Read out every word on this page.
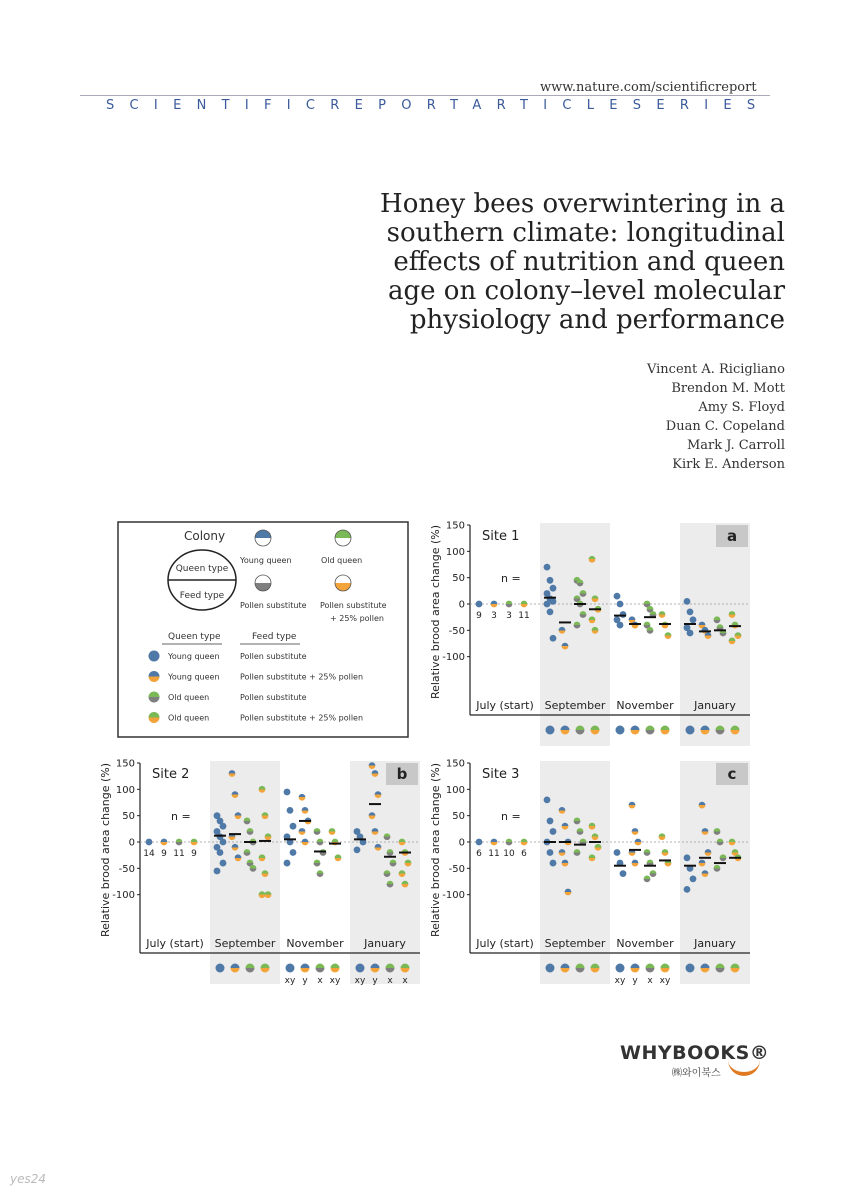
www.nature.com/scientificreport
SCIENTIFICREPORTARTICLESERIES
Honey bees overwintering in a
southern climate: longitudinal
effects of nutrition and queen
age on colony–level molecular
physiology and performance
Vincent A. Ricigliano
Brendon M. Mott
Amy S. Floyd
Duan C. Copeland
Mark J. Carroll
Kirk E. Anderson
Colony
Queen type
Feed type
Young queen	Old queen
Pollen substitute Pollen substitute
+ 25% pollen
Queen type	Feed type
Young queen	Pollen substitute
Young queen	Pollen substitute + 25% pollen
Old queen	Pollen substitute
Old queen	Pollen substitute + 25% pollen
150
100
50
0
-50
-100
Relative brood area change (%)	Site 1	a
July (start) September November January
n =
9 3 3 11
150
100
50
0
-50
-100
Relative brood area change (%)	Site 2	b
July (start) September November January
n =
14 9 11 9
xy y x xy xy y x x
150
100
50
0
-50
-100
Relative brood area change (%)	Site 3	c
July (start) September November January
n =
6 11 10 6
xy y x xy
WHYBOOKS®
㈱와이북스
yes24
